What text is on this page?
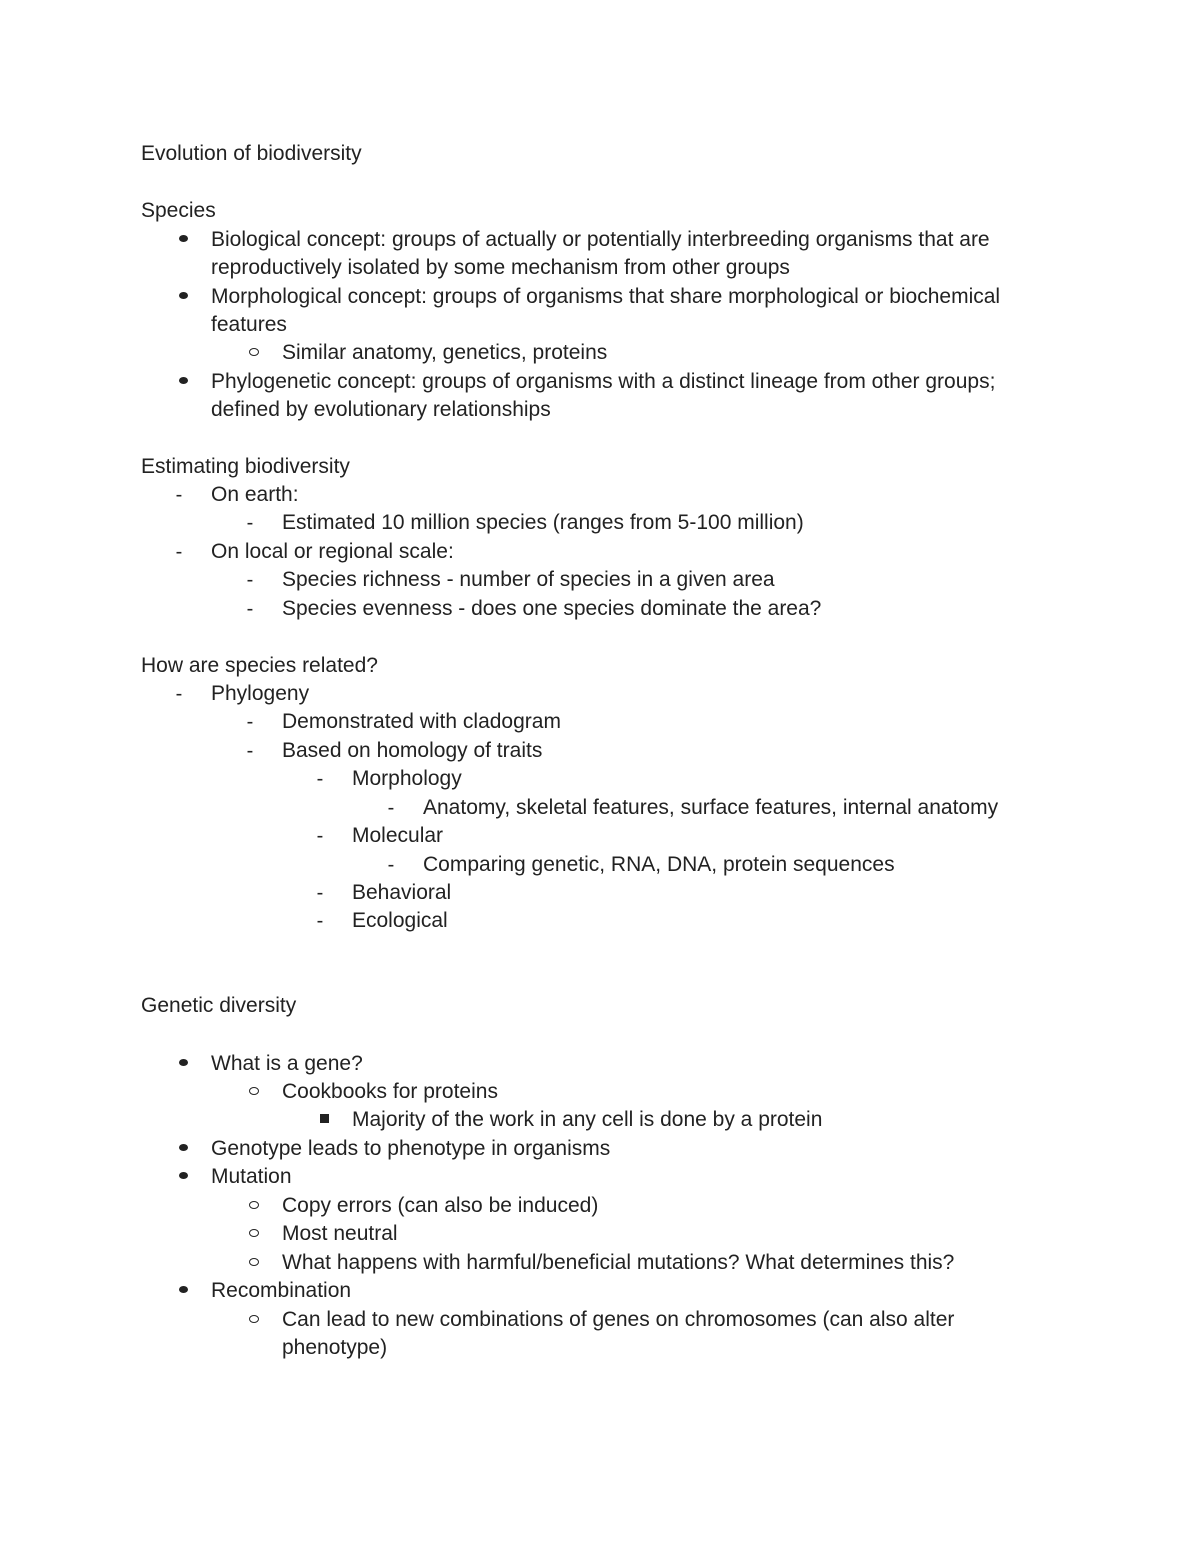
Evolution of biodiversity
Species
Biological concept: groups of actually or potentially interbreeding organisms that are
reproductively isolated by some mechanism from other groups
Morphological concept: groups of organisms that share morphological or biochemical
features
Similar anatomy, genetics, proteins
Phylogenetic concept: groups of organisms with a distinct lineage from other groups;
defined by evolutionary relationships
Estimating biodiversity
- On earth:
- Estimated 10 million species (ranges from 5-100 million)
- On local or regional scale:
- Species richness - number of species in a given area
- Species evenness - does one species dominate the area?
How are species related?
- Phylogeny
- Demonstrated with cladogram
- Based on homology of traits
- Morphology
- Anatomy, skeletal features, surface features, internal anatomy
- Molecular
- Comparing genetic, RNA, DNA, protein sequences
- Behavioral
- Ecological
Genetic diversity
What is a gene?
Cookbooks for proteins
Majority of the work in any cell is done by a protein
Genotype leads to phenotype in organisms
Mutation
Copy errors (can also be induced)
Most neutral
What happens with harmful/beneficial mutations? What determines this?
Recombination
Can lead to new combinations of genes on chromosomes (can also alter
phenotype)
